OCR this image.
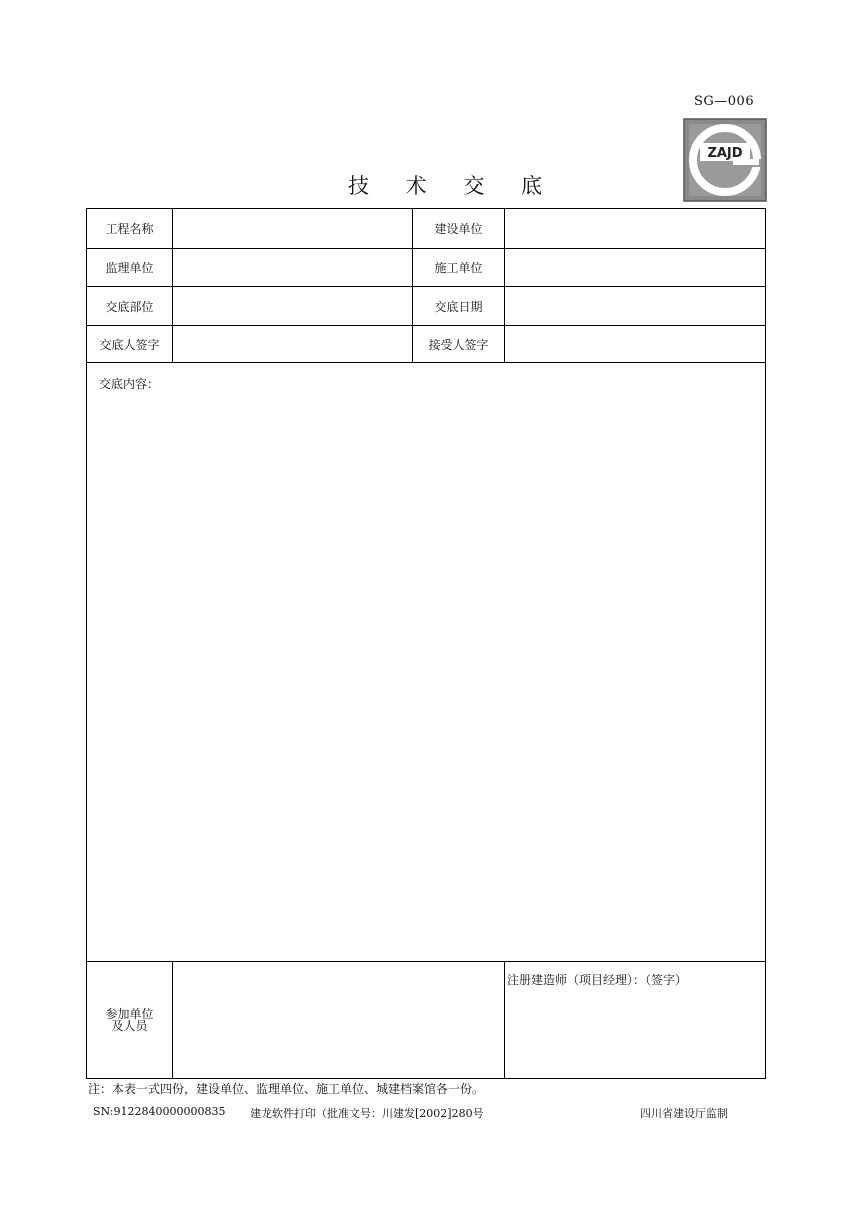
SG—006
ZAJD
技 术 交 底
工程名称		建设单位	
监理单位		施工单位	
交底部位		交底日期	
交底人签字		接受人签字	

交底内容：			

参加单位
及人员			注册建造师（项目经理）：（签字）
注：本表一式四份，建设单位、监理单位、施工单位、城建档案馆各一份。
SN:9122840000000835 建龙软件打印（批准文号：川建发[2002]280号	四川省建设厅监制
